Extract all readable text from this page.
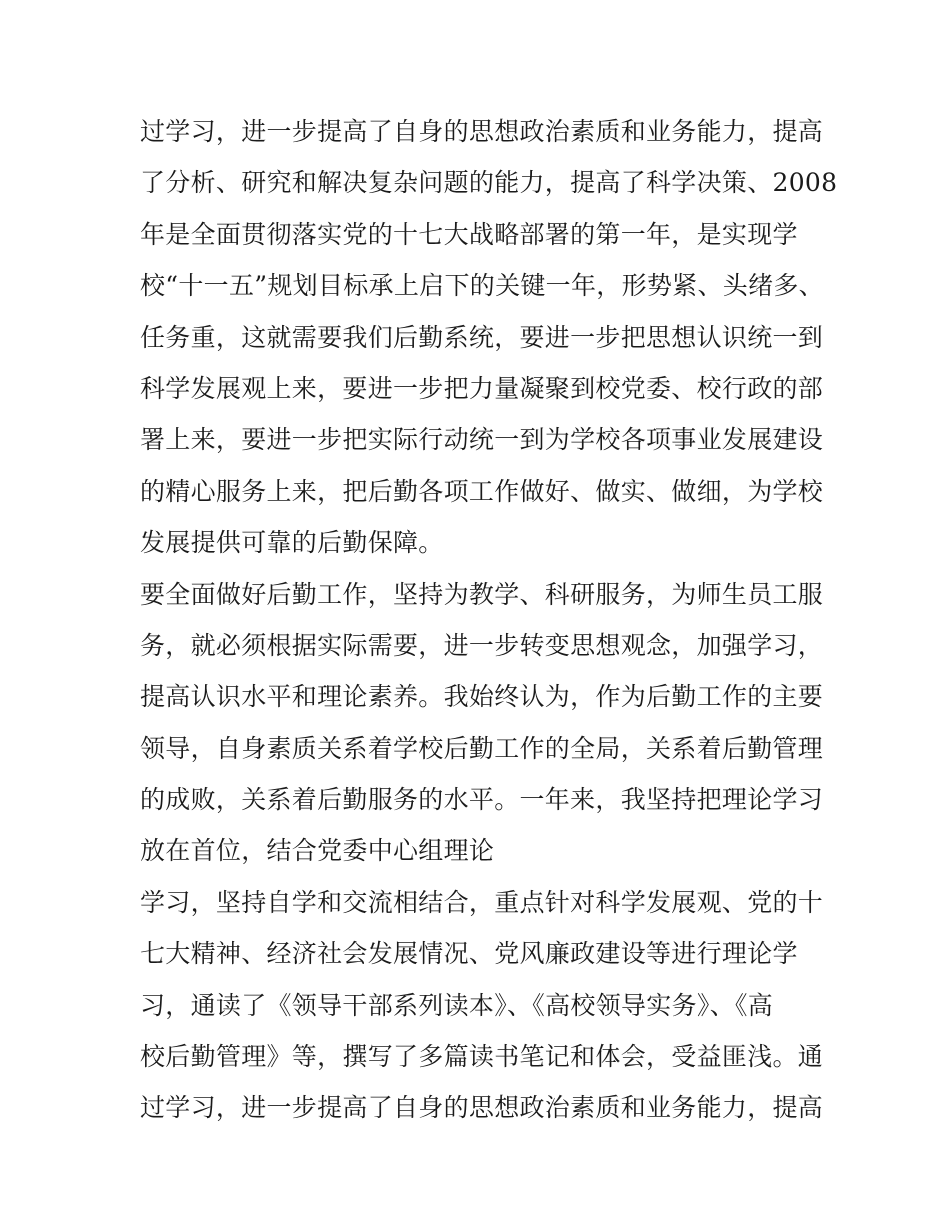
过学习，进一步提高了自身的思想政治素质和业务能力，提高
了分析、研究和解决复杂问题的能力，提高了科学决策、2008
年是全面贯彻落实党的十七大战略部署的第一年，是实现学
校“十一五”规划目标承上启下的关键一年，形势紧、头绪多、
任务重，这就需要我们后勤系统，要进一步把思想认识统一到
科学发展观上来，要进一步把力量凝聚到校党委、校行政的部
署上来，要进一步把实际行动统一到为学校各项事业发展建设
的精心服务上来，把后勤各项工作做好、做实、做细，为学校
发展提供可靠的后勤保障。
要全面做好后勤工作，坚持为教学、科研服务，为师生员工服
务，就必须根据实际需要，进一步转变思想观念，加强学习，
提高认识水平和理论素养。我始终认为，作为后勤工作的主要
领导，自身素质关系着学校后勤工作的全局，关系着后勤管理
的成败，关系着后勤服务的水平。一年来，我坚持把理论学习
放在首位，结合党委中心组理论
学习，坚持自学和交流相结合，重点针对科学发展观、党的十
七大精神、经济社会发展情况、党风廉政建设等进行理论学
习，通读了《领导干部系列读本》、《高校领导实务》、《高
校后勤管理》等，撰写了多篇读书笔记和体会，受益匪浅。通
过学习，进一步提高了自身的思想政治素质和业务能力，提高
